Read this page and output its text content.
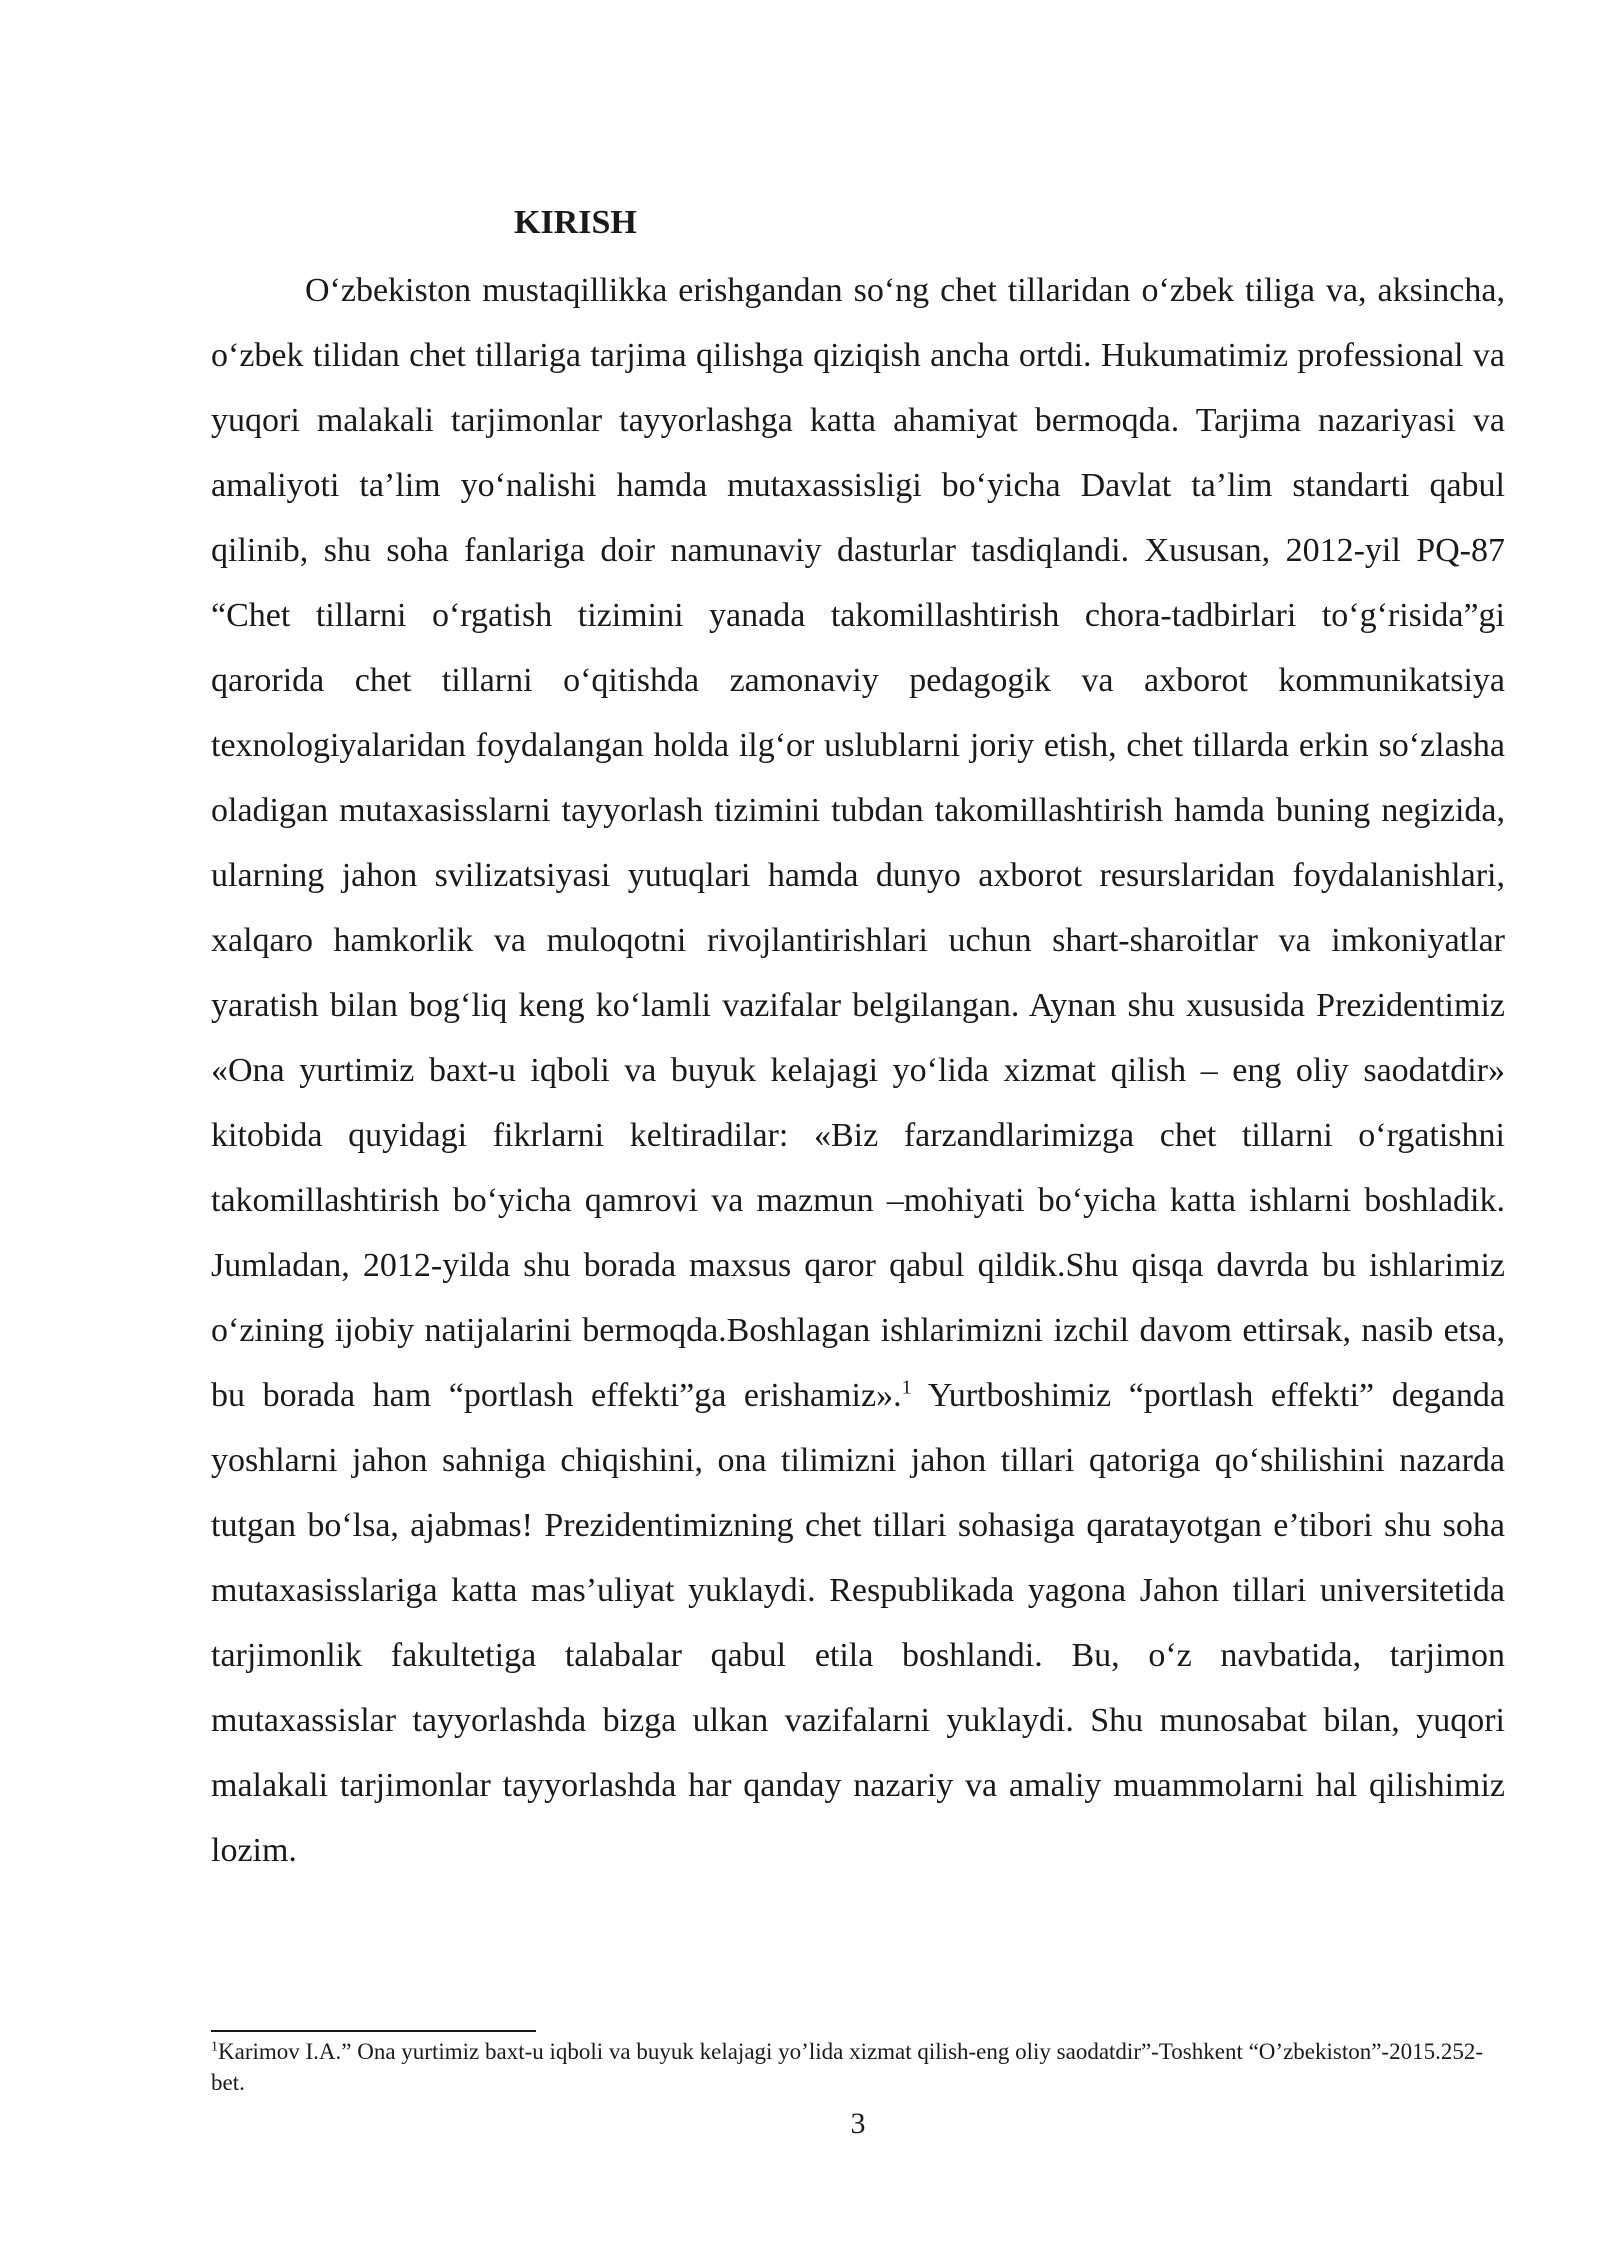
KIRISH

O‘zbekiston mustaqillikka erishgandan so‘ng chet tillaridan o‘zbek tiliga va, aksincha, o‘zbek tilidan chet tillariga tarjima qilishga qiziqish ancha ortdi. Hukumatimiz professional va yuqori malakali tarjimonlar tayyorlashga katta ahamiyat bermoqda. Tarjima nazariyasi va amaliyoti ta’lim yo‘nalishi hamda mutaxassisligi bo‘yicha Davlat ta’lim standarti qabul qilinib, shu soha fanlariga doir namunaviy dasturlar tasdiqlandi. Xususan, 2012-yil PQ-87 “Chet tillarni o‘rgatish tizimini yanada takomillashtirish chora-tadbirlari to‘g‘risida”gi qarorida chet tillarni o‘qitishda zamonaviy pedagogik va axborot kommunikatsiya texnologiyalaridan foydalangan holda ilg‘or uslublarni joriy etish, chet tillarda erkin so‘zlasha oladigan mutaxasisslarni tayyorlash tizimini tubdan takomillashtirish hamda buning negizida, ularning jahon svilizatsiyasi yutuqlari hamda dunyo axborot resurslaridan foydalanishlari, xalqaro hamkorlik va muloqotni rivojlantirishlari uchun shart-sharoitlar va imkoniyatlar yaratish bilan bog‘liq keng ko‘lamli vazifalar belgilangan. Aynan shu xususida Prezidentimiz «Ona yurtimiz baxt-u iqboli va buyuk kelajagi yo‘lida xizmat qilish – eng oliy saodatdir» kitobida quyidagi fikrlarni keltiradilar: «Biz farzandlarimizga chet tillarni o‘rgatishni takomillashtirish bo‘yicha qamrovi va mazmun –mohiyati bo‘yicha katta ishlarni boshladik. Jumladan, 2012-yilda shu borada maxsus qaror qabul qildik.Shu qisqa davrda bu ishlarimiz o‘zining ijobiy natijalarini bermoqda.Boshlagan ishlarimizni izchil davom ettirsak, nasib etsa, bu borada ham “portlash effekti”ga erishamiz».$^1$ Yurtboshimiz “portlash effekti” deganda yoshlarni jahon sahniga chiqishini, ona tilimizni jahon tillari qatoriga qo‘shilishini nazarda tutgan bo‘lsa, ajabmas! Prezidentimizning chet tillari sohasiga qaratayotgan e’tibori shu soha mutaxasisslariga katta mas’uliyat yuklaydi. Respublikada yagona Jahon tillari universitetida tarjimonlik fakultetiga talabalar qabul etila boshlandi. Bu, o‘z navbatida, tarjimon mutaxassislar tayyorlashda bizga ulkan vazifalarni yuklaydi. Shu munosabat bilan, yuqori malakali tarjimonlar tayyorlashda har qanday nazariy va amaliy muammolarni hal qilishimiz lozim.

$^1$Karimov I.A.” Ona yurtimiz baxt-u iqboli va buyuk kelajagi yo’lida xizmat qilish-eng oliy saodatdir”-Toshkent “O’zbekiston”-2015.252-bet.

3
